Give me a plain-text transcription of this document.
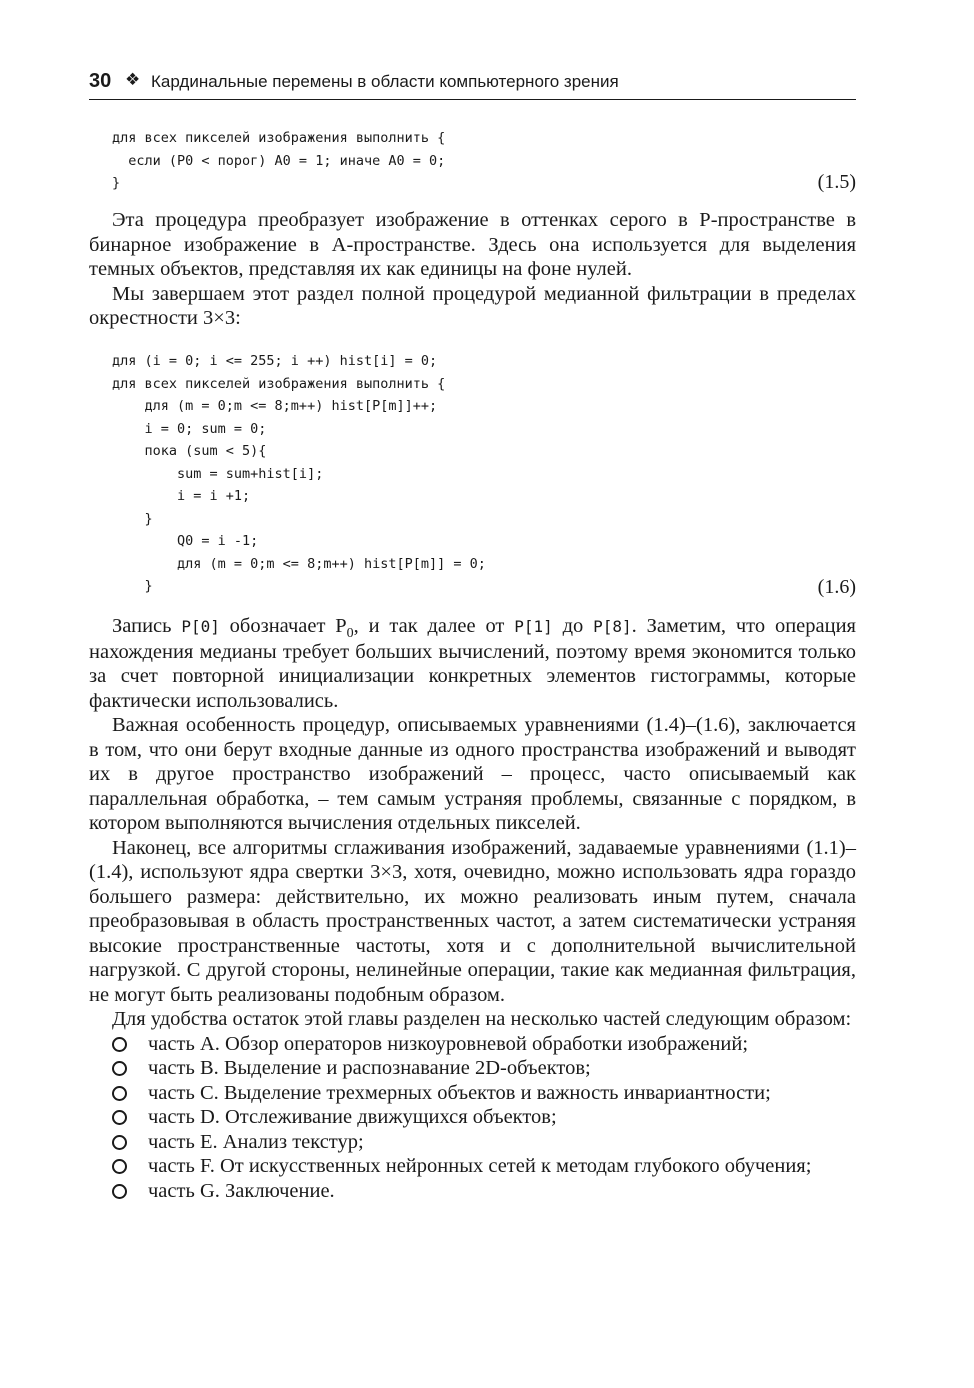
30 ❖ Кардинальные перемены в области компьютерного зрения
для всех пикселей изображения выполнить {
если (P0 < порог) A0 = 1; иначе A0 = 0;
}	(1.5)

Эта процедура преобразует изображение в оттенках серого в P-пространстве в бинарное изображение в A-пространстве. Здесь она используется для выделения темных объектов, представляя их как единицы на фоне нулей.

Мы завершаем этот раздел полной процедурой медианной фильтрации в пределах окрестности 3×3:

для (i = 0; i <= 255; i ++) hist[i] = 0;
для всех пикселей изображения выполнить {
для (m = 0;m <= 8;m++) hist[P[m]]++;
i = 0; sum = 0;
пока (sum < 5){
sum = sum+hist[i];
i = i +1;
}
Q0 = i -1;
для (m = 0;m <= 8;m++) hist[P[m]] = 0;
}	(1.6)

Запись P[0] обозначает $P_0$, и так далее от P[1] до P[8]. Заметим, что операция нахождения медианы требует больших вычислений, поэтому время экономится только за счет повторной инициализации конкретных элементов гистограммы, которые фактически использовались.

Важная особенность процедур, описываемых уравнениями (1.4)–(1.6), заключается в том, что они берут входные данные из одного пространства изображений и выводят их в другое пространство изображений – процесс, часто описываемый как параллельная обработка, – тем самым устраняя проблемы, связанные с порядком, в котором выполняются вычисления отдельных пикселей.

Наконец, все алгоритмы сглаживания изображений, задаваемые уравнениями (1.1)–(1.4), используют ядра свертки 3×3, хотя, очевидно, можно использовать ядра гораздо большего размера: действительно, их можно реализовать иным путем, сначала преобразовывая в область пространственных частот, а затем систематически устраняя высокие пространственные частоты, хотя и с дополнительной вычислительной нагрузкой. С другой стороны, нелинейные операции, такие как медианная фильтрация, не могут быть реализованы подобным образом.

Для удобства остаток этой главы разделен на несколько частей следующим образом:

часть A. Обзор операторов низкоуровневой обработки изображений;
часть B. Выделение и распознавание 2D-объектов;
часть C. Выделение трехмерных объектов и важность инвариантности;
часть D. Отслеживание движущихся объектов;
часть E. Анализ текстур;
часть F. От искусственных нейронных сетей к методам глубокого обучения;
часть G. Заключение.
